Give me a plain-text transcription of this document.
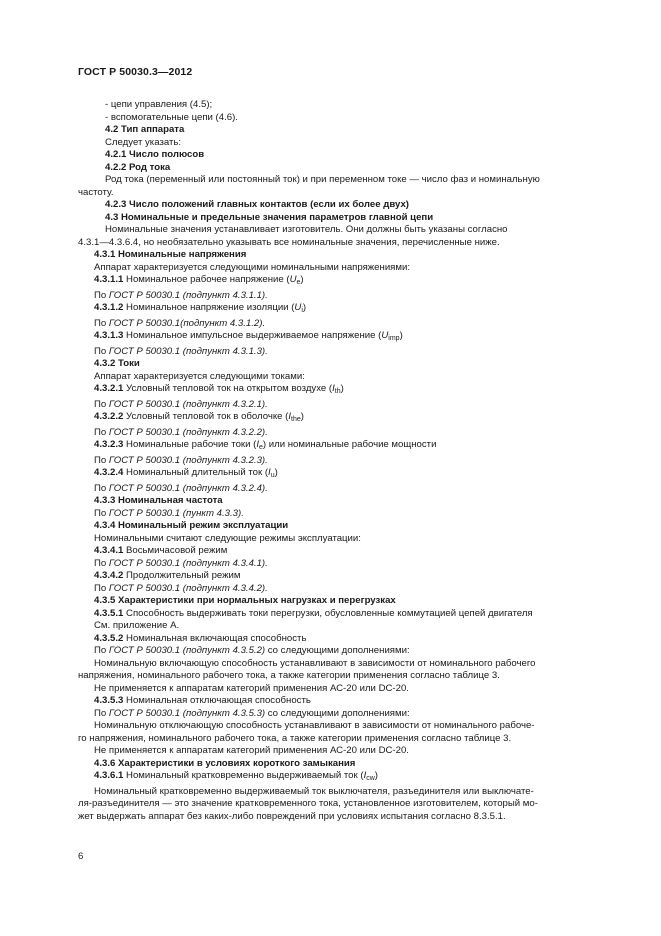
ГОСТ Р 50030.3—2012
- цепи управления (4.5);
- вспомогательные цепи (4.6).
4.2 Тип аппарата
Следует указать:
4.2.1 Число полюсов
4.2.2 Род тока
Род тока (переменный или постоянный ток) и при переменном токе — число фаз и номинальную
частоту.
4.2.3 Число положений главных контактов (если их более двух)
4.3 Номинальные и предельные значения параметров главной цепи
Номинальные значения устанавливает изготовитель. Они должны быть указаны согласно
4.3.1—4.3.6.4, но необязательно указывать все номинальные значения, перечисленные ниже.
4.3.1 Номинальные напряжения
Аппарат характеризуется следующими номинальными напряжениями:
4.3.1.1 Номинальное рабочее напряжение $(U_e)$
По ГОСТ Р 50030.1 (подпункт 4.3.1.1).
4.3.1.2 Номинальное напряжение изоляции $(U_i)$
По ГОСТ Р 50030.1(подпункт 4.3.1.2).
4.3.1.3 Номинальное импульсное выдерживаемое напряжение $(U_{imp})$
По ГОСТ Р 50030.1 (подпункт 4.3.1.3).
4.3.2 Токи
Аппарат характеризуется следующими токами:
4.3.2.1 Условный тепловой ток на открытом воздухе $(I_{th})$
По ГОСТ Р 50030.1 (подпункт 4.3.2.1).
4.3.2.2 Условный тепловой ток в оболочке $(I_{the})$
По ГОСТ Р 50030.1 (подпункт 4.3.2.2).
4.3.2.3 Номинальные рабочие токи $(I_e)$ или номинальные рабочие мощности
По ГОСТ Р 50030.1 (подпункт 4.3.2.3).
4.3.2.4 Номинальный длительный ток $(I_u)$
По ГОСТ Р 50030.1 (подпункт 4.3.2.4).
4.3.3 Номинальная частота
По ГОСТ Р 50030.1 (пункт 4.3.3).
4.3.4 Номинальный режим эксплуатации
Номинальными считают следующие режимы эксплуатации:
4.3.4.1 Восьмичасовой режим
По ГОСТ Р 50030.1 (подпункт 4.3.4.1).
4.3.4.2 Продолжительный режим
По ГОСТ Р 50030.1 (подпункт 4.3.4.2).
4.3.5 Характеристики при нормальных нагрузках и перегрузках
4.3.5.1 Способность выдерживать токи перегрузки, обусловленные коммутацией цепей двигателя
См. приложение А.
4.3.5.2 Номинальная включающая способность
По ГОСТ Р 50030.1 (подпункт 4.3.5.2) со следующими дополнениями:
Номинальную включающую способность устанавливают в зависимости от номинального рабочего
напряжения, номинального рабочего тока, а также категории применения согласно таблице 3.
Не применяется к аппаратам категорий применения АС-20 или DC-20.
4.3.5.3 Номинальная отключающая способность
По ГОСТ Р 50030.1 (подпункт 4.3.5.3) со следующими дополнениями:
Номинальную отключающую способность устанавливают в зависимости от номинального рабоче-
го напряжения, номинального рабочего тока, а также категории применения согласно таблице 3.
Не применяется к аппаратам категорий применения АС-20 или DC-20.
4.3.6 Характеристики в условиях короткого замыкания
4.3.6.1 Номинальный кратковременно выдерживаемый ток $(I_{cw})$
Номинальный кратковременно выдерживаемый ток выключателя, разъединителя или выключате-
ля-разъединителя — это значение кратковременного тока, установленное изготовителем, который мо-
жет выдержать аппарат без каких-либо повреждений при условиях испытания согласно 8.3.5.1.
6
